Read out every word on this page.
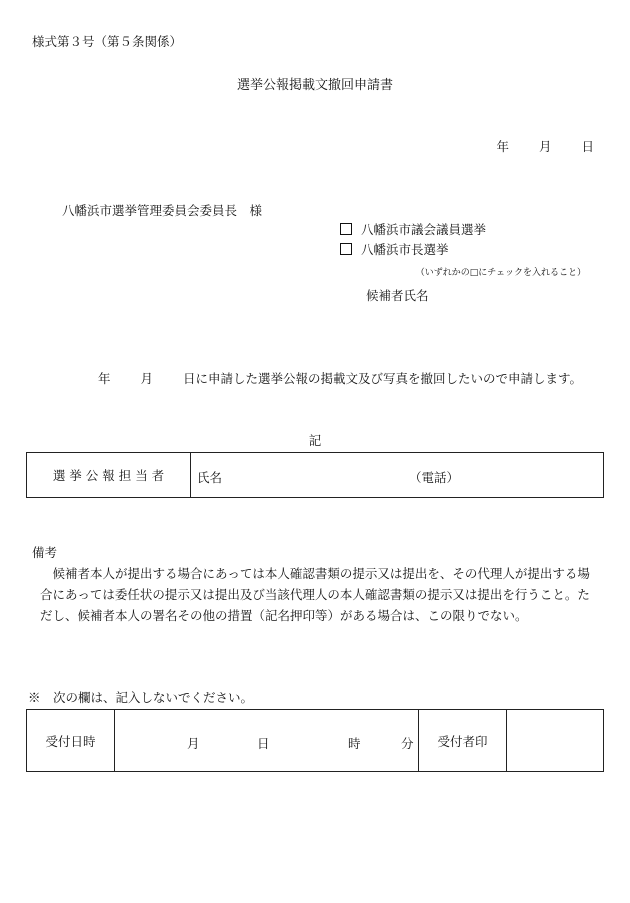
様式第３号（第５条関係）
選挙公報掲載文撤回申請書
年 月 日
八幡浜市選挙管理委員会委員長　様
八幡浜市議会議員選挙
八幡浜市長選挙
（いずれかの□にチェックを入れること）
候補者氏名
年 月 日に申請した選挙公報の掲載文及び写真を撤回したいので申請します。
記
選 挙 公 報 担 当 者	氏名	（電話）
備考
候補者本人が提出する場合にあっては本人確認書類の提示又は提出を、その代理人が提出する場合にあっては委任状の提示又は提出及び当該代理人の本人確認書類の提示又は提出を行うこと。ただし、候補者本人の署名その他の措置（記名押印等）がある場合は、この限りでない。
※　次の欄は、記入しないでください。
受付日時	月	日	時	分	受付者印	
